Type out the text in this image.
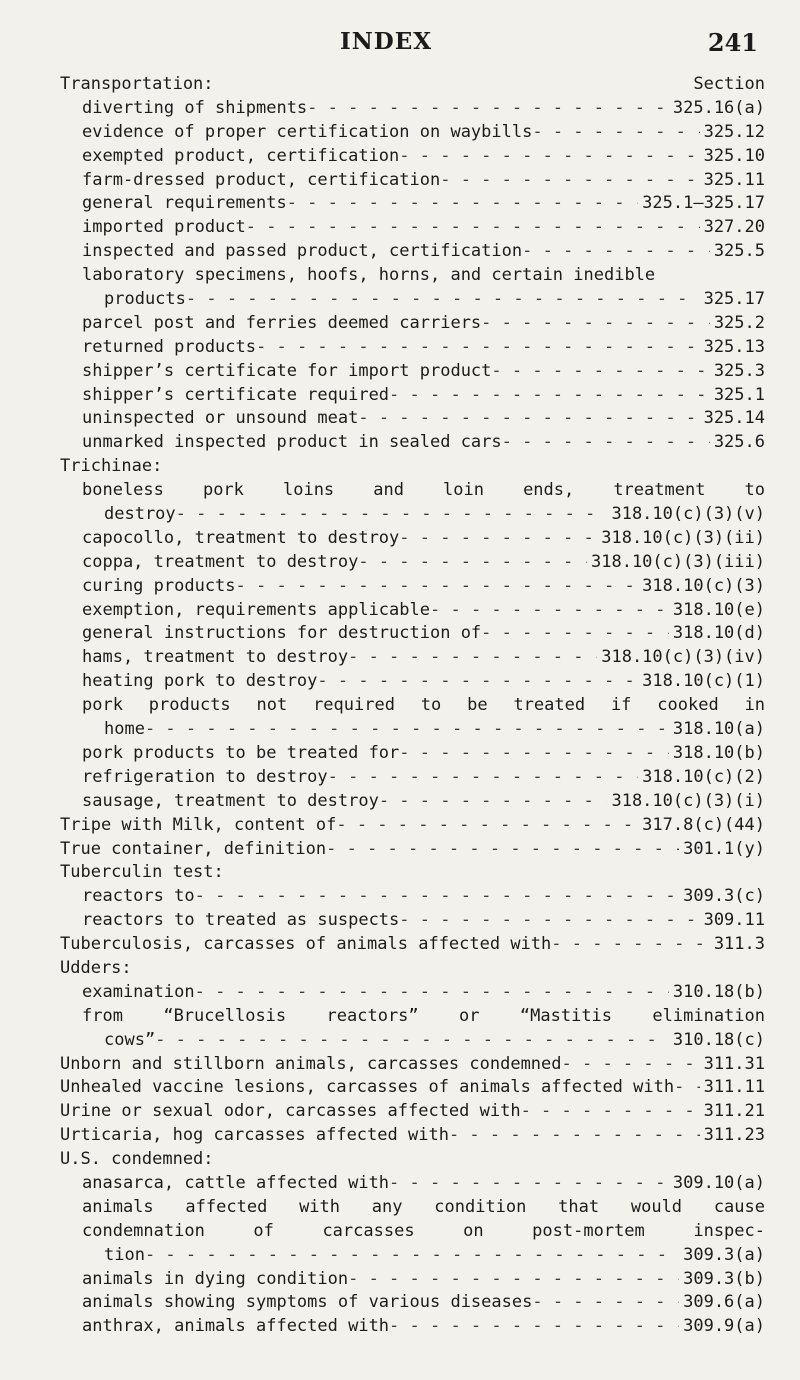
INDEX	241
Transportation:	Section
diverting of shipments - - -	325.16(a)
evidence of proper certification on waybills - - -	325.12
exempted product, certification - - -	325.10
farm-dressed product, certification - - -	325.11
general requirements - - -	325.1–325.17
imported product - - -	327.20
inspected and passed product, certification - - -	325.5
laboratory specimens, hoofs, horns, and certain inedible
products - - -	325.17
parcel post and ferries deemed carriers - - -	325.2
returned products - - -	325.13
shipper’s certificate for import product - - -	325.3
shipper’s certificate required - - -	325.1
uninspected or unsound meat - - -	325.14
unmarked inspected product in sealed cars - - -	325.6
Trichinae:
boneless pork loins and loin ends, treatment to
destroy - - -	318.10(c)(3)(v)
capocollo, treatment to destroy - - -	318.10(c)(3)(ii)
coppa, treatment to destroy - - -	318.10(c)(3)(iii)
curing products - - -	318.10(c)(3)
exemption, requirements applicable - - -	318.10(e)
general instructions for destruction of - - -	318.10(d)
hams, treatment to destroy - - -	318.10(c)(3)(iv)
heating pork to destroy - - -	318.10(c)(1)
pork products not required to be treated if cooked in
home - - -	318.10(a)
pork products to be treated for - - -	318.10(b)
refrigeration to destroy - - -	318.10(c)(2)
sausage, treatment to destroy - - -	318.10(c)(3)(i)
Tripe with Milk, content of - - -	317.8(c)(44)
True container, definition - - -	301.1(y)
Tuberculin test:
reactors to - - -	309.3(c)
reactors to treated as suspects - - -	309.11
Tuberculosis, carcasses of animals affected with - - -	311.3
Udders:
examination - - -	310.18(b)
from “Brucellosis reactors” or “Mastitis elimination
cows” - - -	310.18(c)
Unborn and stillborn animals, carcasses condemned - - -	311.31
Unhealed vaccine lesions, carcasses of animals affected with - - - 311.11
Urine or sexual odor, carcasses affected with - - -	311.21
Urticaria, hog carcasses affected with - - -	311.23
U.S. condemned:
anasarca, cattle affected with - - -	309.10(a)
animals affected with any condition that would cause
condemnation of carcasses on post-mortem inspec-
tion - - -	309.3(a)
animals in dying condition - - -	309.3(b)
animals showing symptoms of various diseases - - -	309.6(a)
anthrax, animals affected with - - -	309.9(a)
